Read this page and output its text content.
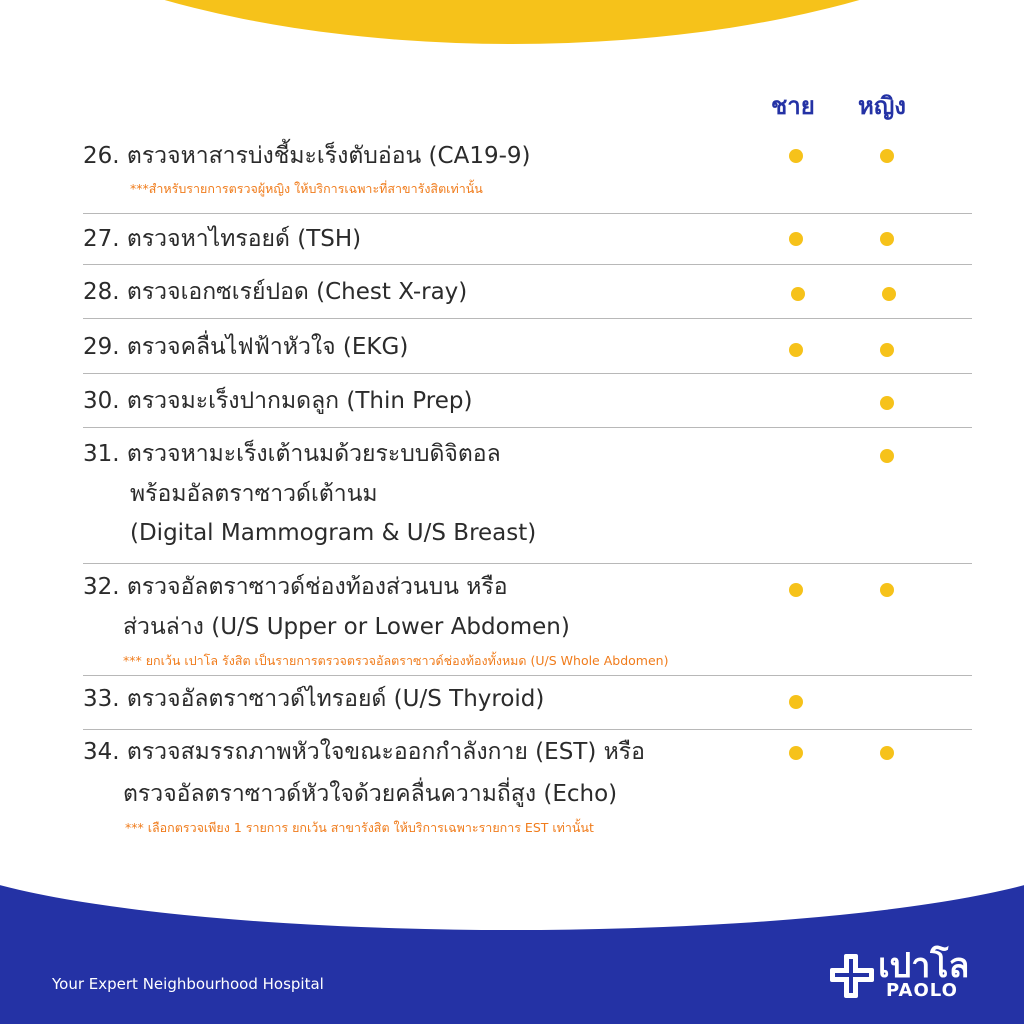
ชาย หญิง
26. ตรวจหาสารบ่งชี้มะเร็งตับอ่อน (CA19-9)
***สำหรับรายการตรวจผู้หญิง ให้บริการเฉพาะที่สาขารังสิตเท่านั้น
27. ตรวจหาไทรอยด์ (TSH)
28. ตรวจเอกซเรย์ปอด (Chest X-ray)
29. ตรวจคลื่นไฟฟ้าหัวใจ (EKG)
30. ตรวจมะเร็งปากมดลูก (Thin Prep)
31. ตรวจหามะเร็งเต้านมด้วยระบบดิจิตอล
พร้อมอัลตราซาวด์เต้านม
(Digital Mammogram & U/S Breast)
32. ตรวจอัลตราซาวด์ช่องท้องส่วนบน หรือ
ส่วนล่าง (U/S Upper or Lower Abdomen)
*** ยกเว้น เปาโล รังสิต เป็นรายการตรวจตรวจอัลตราซาวด์ช่องท้องทั้งหมด (U/S Whole Abdomen)
33. ตรวจอัลตราซาวด์ไทรอยด์ (U/S Thyroid)
34. ตรวจสมรรถภาพหัวใจขณะออกกำลังกาย (EST) หรือ
ตรวจอัลตราซาวด์หัวใจด้วยคลื่นความถี่สูง (Echo)
*** เลือกตรวจเพียง 1 รายการ ยกเว้น สาขารังสิต ให้บริการเฉพาะรายการ EST เท่านั้นt
Your Expert Neighbourhood Hospital	เปาโล
PAOLO
